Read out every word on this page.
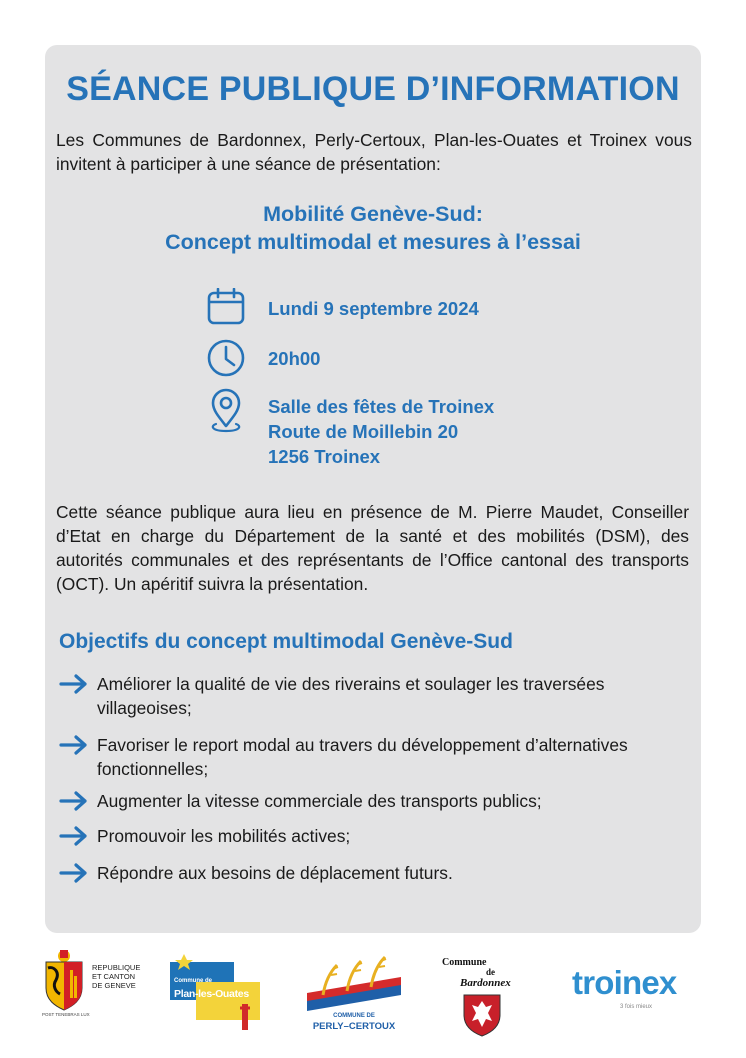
SÉANCE PUBLIQUE D’INFORMATION
Les Communes de Bardonnex, Perly-Certoux, Plan-les-Ouates et Troinex vous invitent à participer à une séance de présentation:
Mobilité Genève-Sud:
Concept multimodal et mesures à l’essai
Lundi 9 septembre 2024
20h00
Salle des fêtes de Troinex
Route de Moillebin 20
1256 Troinex
Cette séance publique aura lieu en présence de M. Pierre Maudet, Conseiller d’Etat en charge du Département de la santé et des mobilités (DSM), des autorités communales et des représentants de l’Office cantonal des transports (OCT). Un apéritif suivra la présentation.
Objectifs du concept multimodal Genève-Sud
Améliorer la qualité de vie des riverains et soulager les traversées villageoises;
Favoriser le report modal au travers du développement d’alternatives fonctionnelles;
Augmenter la vitesse commerciale des transports publics;
Promouvoir les mobilités actives;
Répondre aux besoins de déplacement futurs.
REPUBLIQUE
ET CANTON
DE GENEVE
POST TENEBRAS LUX
Commune de
Plan-les-Ouates
COMMUNE DE
PERLY–CERTOUX
Commune
de
Bardonnex troinex
3 fois mieux
